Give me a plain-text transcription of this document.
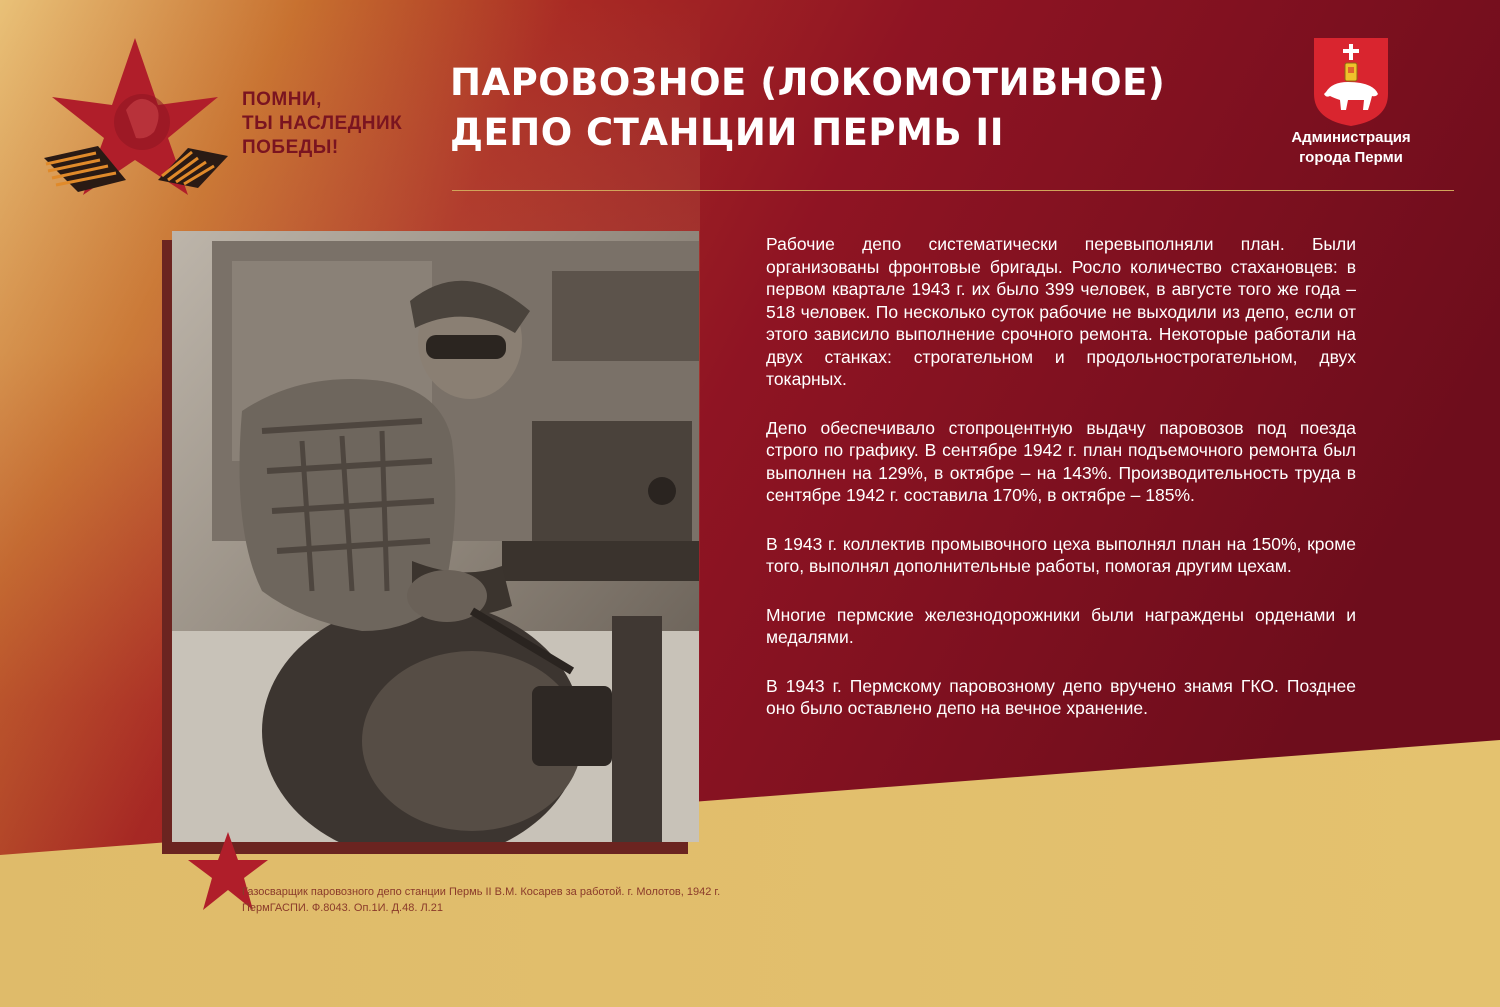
ПОМНИ,
ТЫ НАСЛЕДНИК
ПОБЕДЫ!
ПАРОВОЗНОЕ (ЛОКОМОТИВНОЕ)
ДЕПО СТАНЦИИ ПЕРМЬ II	Администрация
города Перми
Газосварщик паровозного депо станции Пермь II В.М. Косарев за работой. г. Молотов, 1942 г.
ПермГАСПИ. Ф.8043. Оп.1И. Д.48. Л.21

Рабочие депо систематически перевыполняли план. Были организованы фронтовые бригады. Росло количество стахановцев: в первом квартале 1943 г. их было 399 человек, в августе того же года – 518 человек. По несколько суток рабочие не выходили из депо, если от этого зависило выполнение срочного ремонта. Некоторые работали на двух станках: строгательном и продольнострогательном, двух токарных.

Депо обеспечивало стопроцентную выдачу паровозов под поезда строго по графику. В сентябре 1942 г. план подъемочного ремонта был выполнен на 129%, в октябре – на 143%. Производительность труда в сентябре 1942 г. составила 170%, в октябре – 185%.

В 1943 г. коллектив промывочного цеха выполнял план на 150%, кроме того, выполнял дополнительные работы, помогая другим цехам.

Многие пермские железнодорожники были награждены орденами и медалями.

В 1943 г. Пермскому паровозному депо вручено знамя ГКО. Позднее оно было оставлено депо на вечное хранение.
